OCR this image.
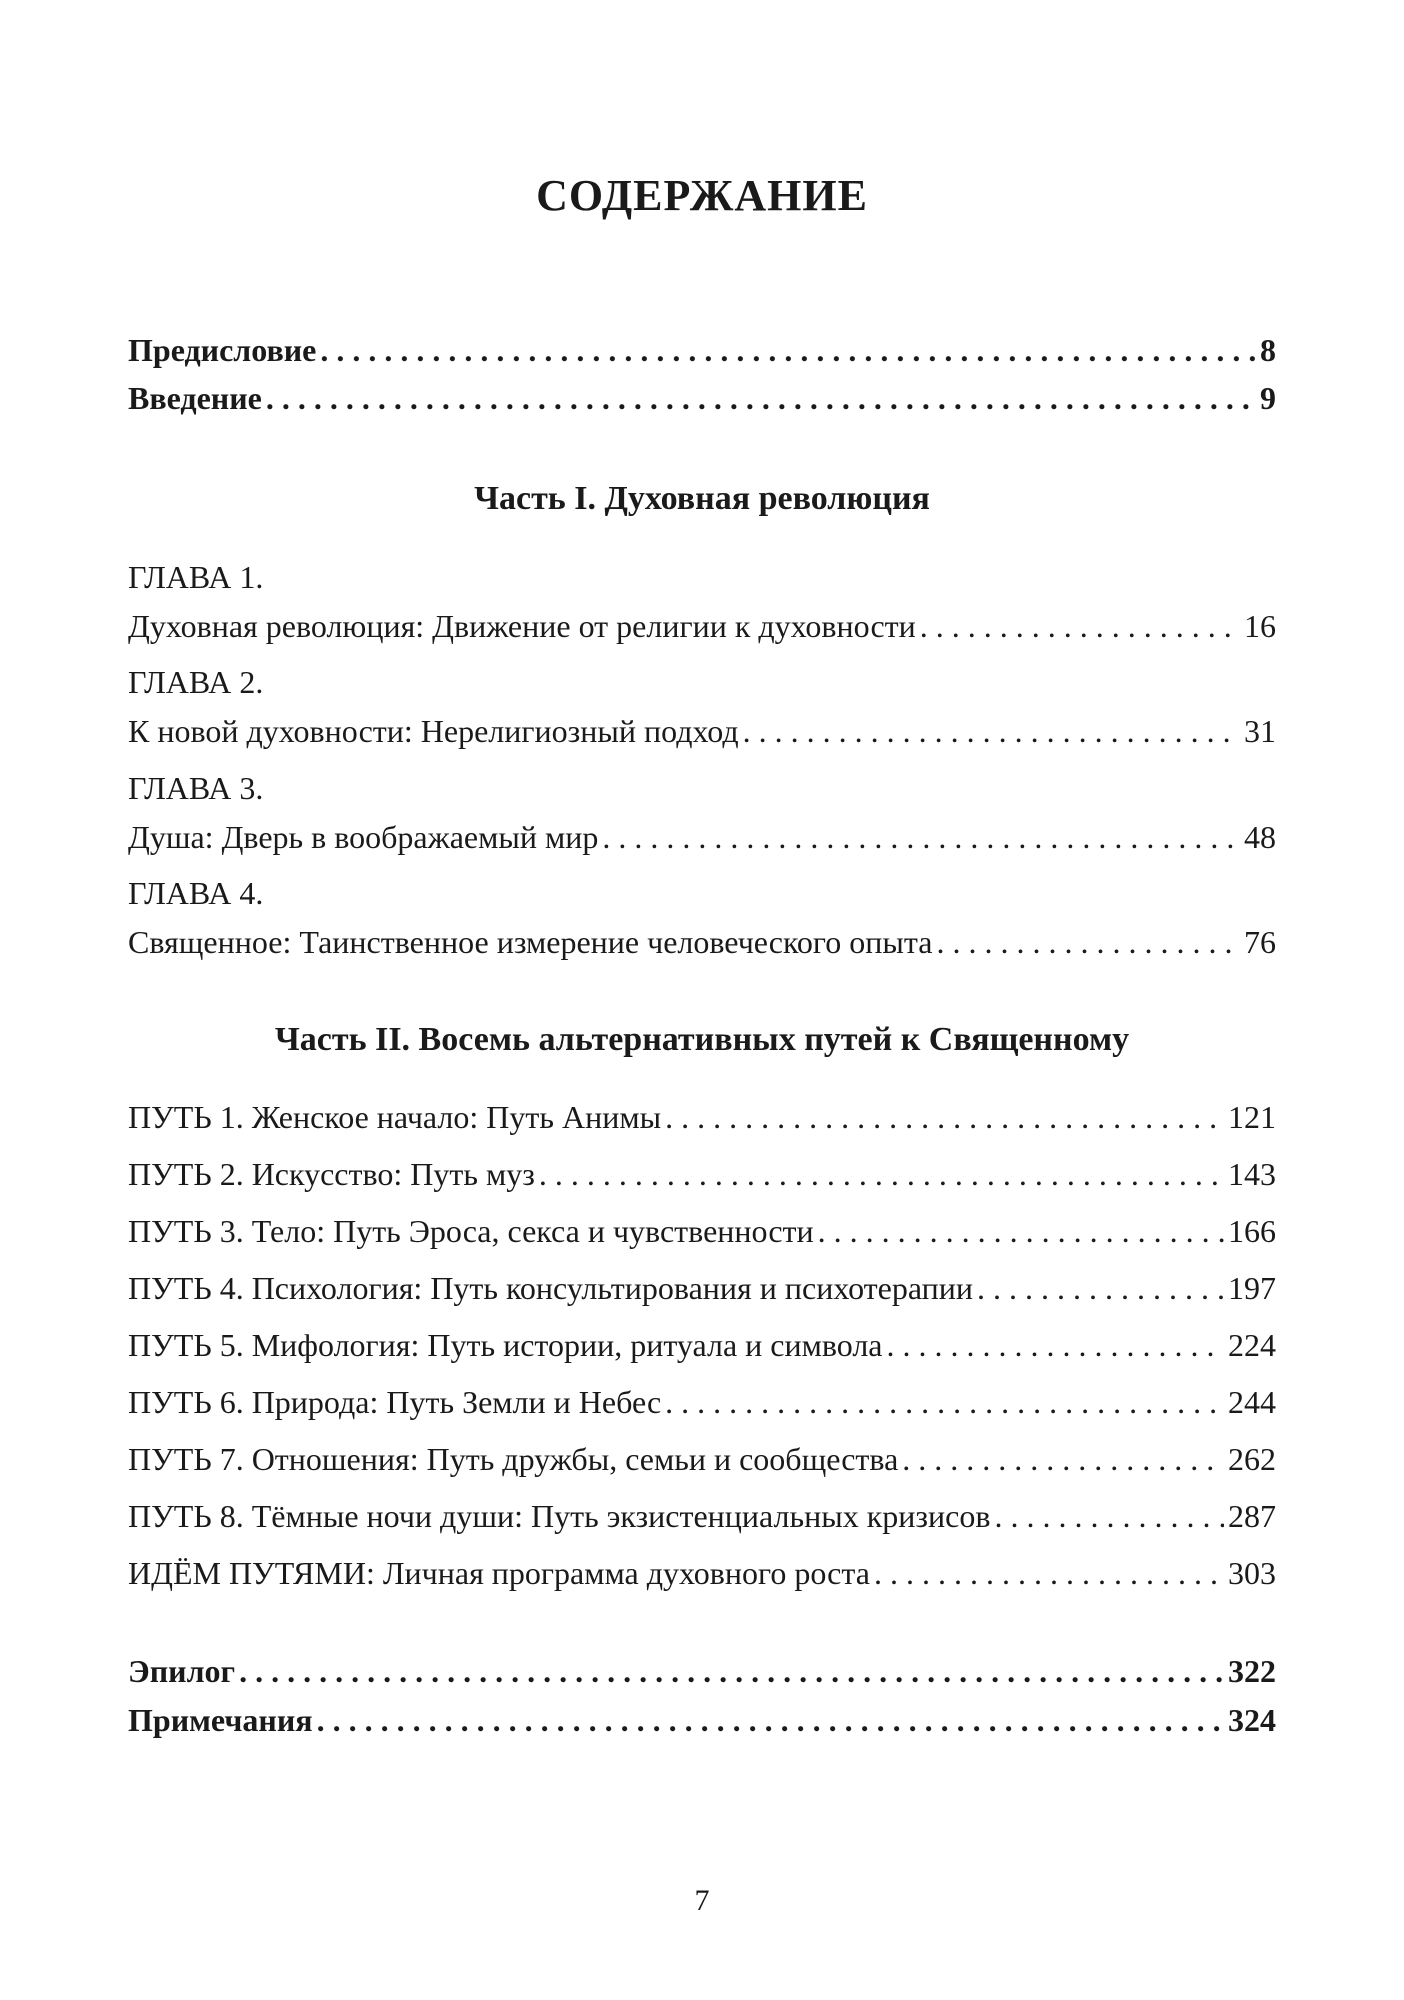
СОДЕРЖАНИЕ
Предисловие . . .	8
Введение . . .	9
Часть I. Духовная революция
ГЛАВА 1.
Духовная революция: Движение от религии к духовности . . .	16
ГЛАВА 2.
К новой духовности: Нерелигиозный подход . . .	31
ГЛАВА 3.
Душа: Дверь в воображаемый мир . . .	48
ГЛАВА 4.
Священное: Таинственное измерение человеческого опыта . . .	76
Часть II. Восемь альтернативных путей к Священному
ПУТЬ 1. Женское начало: Путь Анимы . . .	121
ПУТЬ 2. Искусство: Путь муз . . .	143
ПУТЬ 3. Тело: Путь Эроса, секса и чувственности . . .	166
ПУТЬ 4. Психология: Путь консультирования и психотерапии . . .	197
ПУТЬ 5. Мифология: Путь истории, ритуала и символа . . .	224
ПУТЬ 6. Природа: Путь Земли и Небес . . .	244
ПУТЬ 7. Отношения: Путь дружбы, семьи и сообщества . . .	262
ПУТЬ 8. Тёмные ночи души: Путь экзистенциальных кризисов . . .	287
ИДЁМ ПУТЯМИ: Личная программа духовного роста . . .	303
Эпилог . . .	322
Примечания . . .	324
7
